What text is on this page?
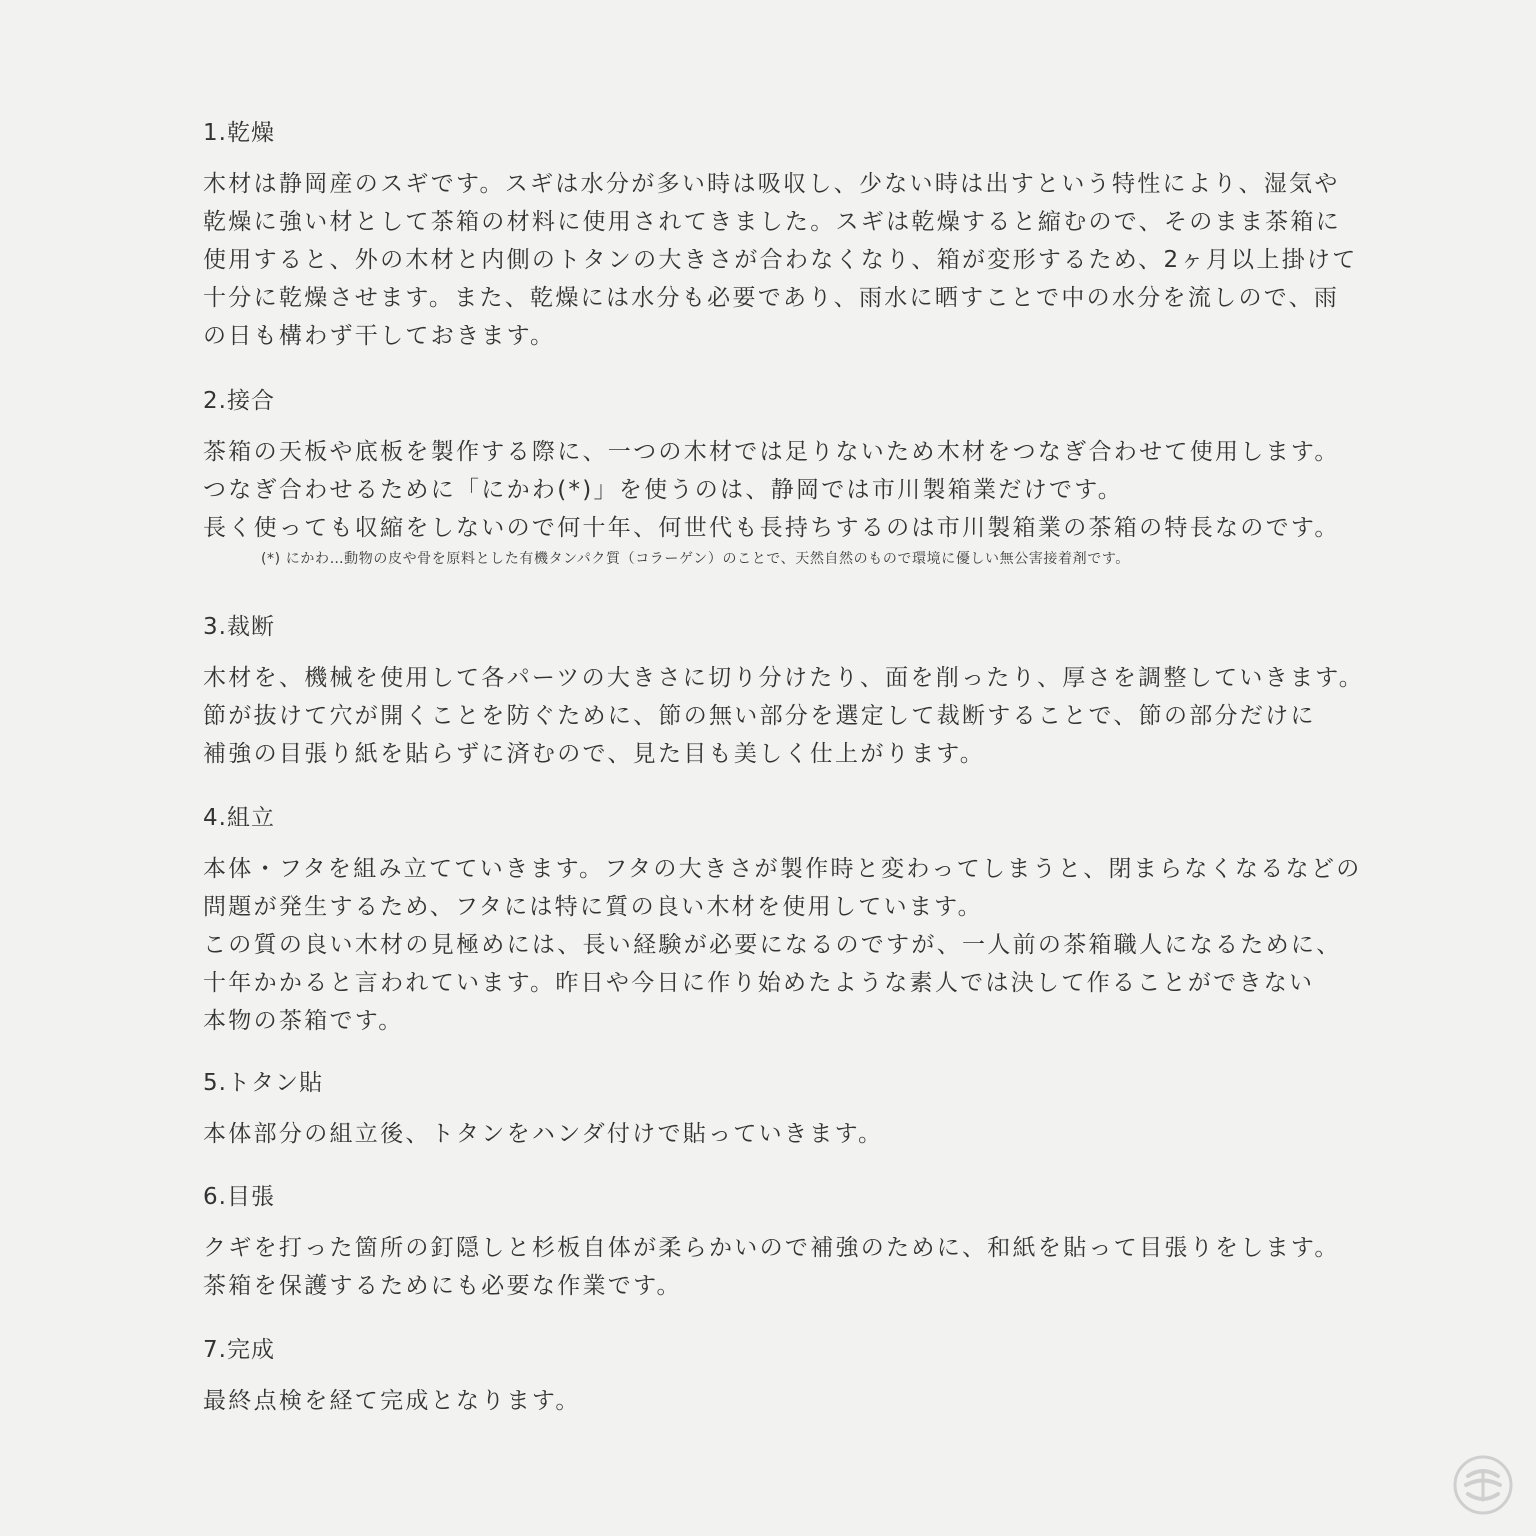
1.乾燥
木材は静岡産のスギです。スギは水分が多い時は吸収し、少ない時は出すという特性により、湿気や
乾燥に強い材として茶箱の材料に使用されてきました。スギは乾燥すると縮むので、そのまま茶箱に
使用すると、外の木材と内側のトタンの大きさが合わなくなり、箱が変形するため、2ヶ月以上掛けて
十分に乾燥させます。また、乾燥には水分も必要であり、雨水に晒すことで中の水分を流しので、雨
の日も構わず干しておきます。
2.接合
茶箱の天板や底板を製作する際に、一つの木材では足りないため木材をつなぎ合わせて使用します。
つなぎ合わせるために「にかわ(*)」を使うのは、静岡では市川製箱業だけです。
長く使っても収縮をしないので何十年、何世代も長持ちするのは市川製箱業の茶箱の特長なのです。
(*) にかわ…動物の皮や骨を原料とした有機タンパク質（コラーゲン）のことで、天然自然のもので環境に優しい無公害接着剤です。
3.裁断
木材を、機械を使用して各パーツの大きさに切り分けたり、面を削ったり、厚さを調整していきます。
節が抜けて穴が開くことを防ぐために、節の無い部分を選定して裁断することで、節の部分だけに
補強の目張り紙を貼らずに済むので、見た目も美しく仕上がります。
4.組立
本体・フタを組み立てていきます。フタの大きさが製作時と変わってしまうと、閉まらなくなるなどの
問題が発生するため、フタには特に質の良い木材を使用しています。
この質の良い木材の見極めには、長い経験が必要になるのですが、一人前の茶箱職人になるために、
十年かかると言われています。昨日や今日に作り始めたような素人では決して作ることができない
本物の茶箱です。
5.トタン貼
本体部分の組立後、トタンをハンダ付けで貼っていきます。
6.目張
クギを打った箇所の釘隠しと杉板自体が柔らかいので補強のために、和紙を貼って目張りをします。
茶箱を保護するためにも必要な作業です。
7.完成
最終点検を経て完成となります。
